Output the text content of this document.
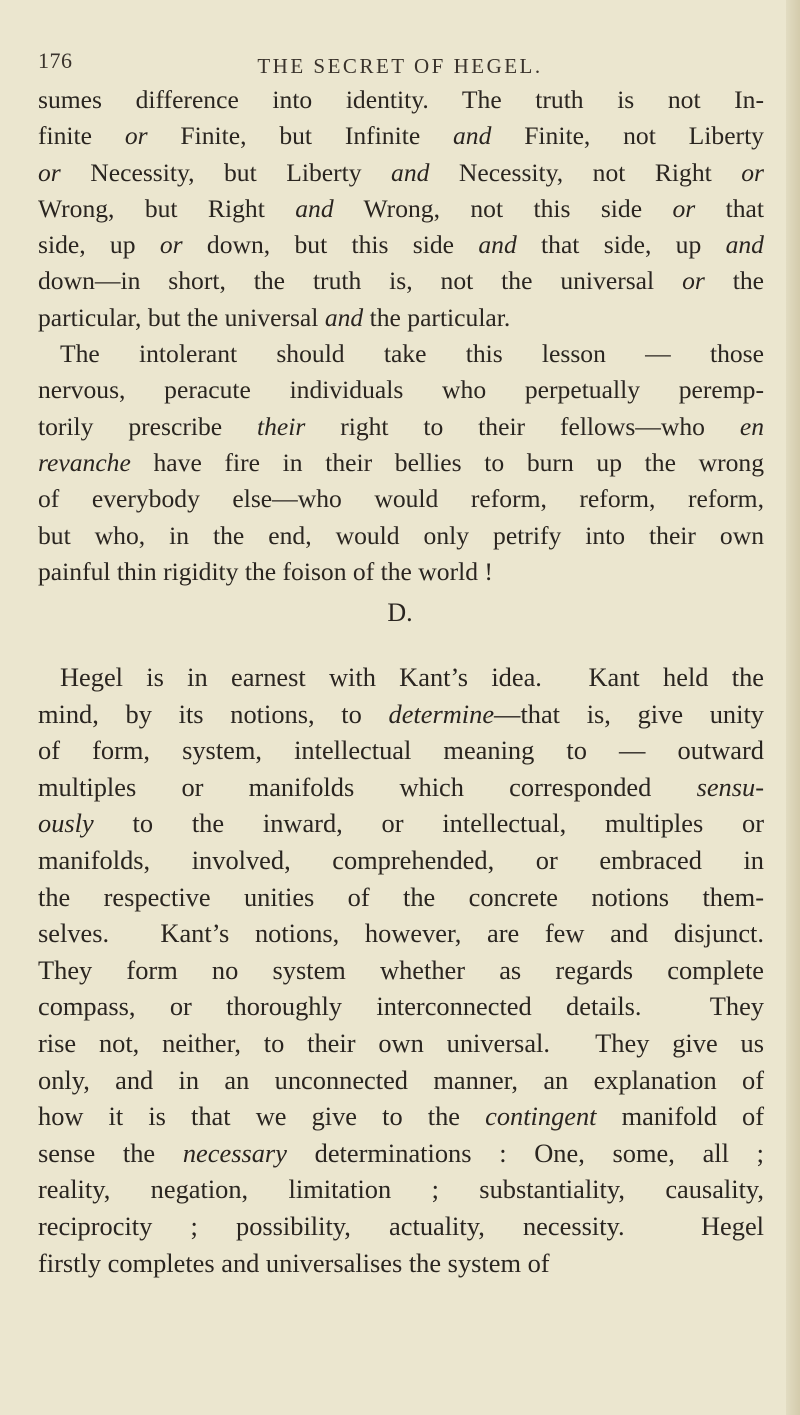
176	THE SECRET OF HEGEL.
sumes difference into identity. The truth is not In-
finite or Finite, but Infinite and Finite, not Liberty
or Necessity, but Liberty and Necessity, not Right or
Wrong, but Right and Wrong, not this side or that
side, up or down, but this side and that side, up and
down—in short, the truth is, not the universal or the
particular, but the universal and the particular.
The intolerant should take this lesson — those
nervous, peracute individuals who perpetually peremp-
torily prescribe their right to their fellows—who en
revanche have fire in their bellies to burn up the wrong
of everybody else—who would reform, reform, reform,
but who, in the end, would only petrify into their own
painful thin rigidity the foison of the world !
D.
Hegel is in earnest with Kant’s idea.  Kant held the
mind, by its notions, to determine—that is, give unity
of form, system, intellectual meaning to — outward
multiples or manifolds which corresponded sensu-
ously to the inward, or intellectual, multiples or
manifolds, involved, comprehended, or embraced in
the respective unities of the concrete notions them-
selves.  Kant’s notions, however, are few and disjunct.
They form no system whether as regards complete
compass, or thoroughly interconnected details.  They
rise not, neither, to their own universal.  They give us
only, and in an unconnected manner, an explanation of
how it is that we give to the contingent manifold of
sense the necessary determinations : One, some, all ;
reality, negation, limitation ; substantiality, causality,
reciprocity ; possibility, actuality, necessity.  Hegel
firstly completes and universalises the system of
